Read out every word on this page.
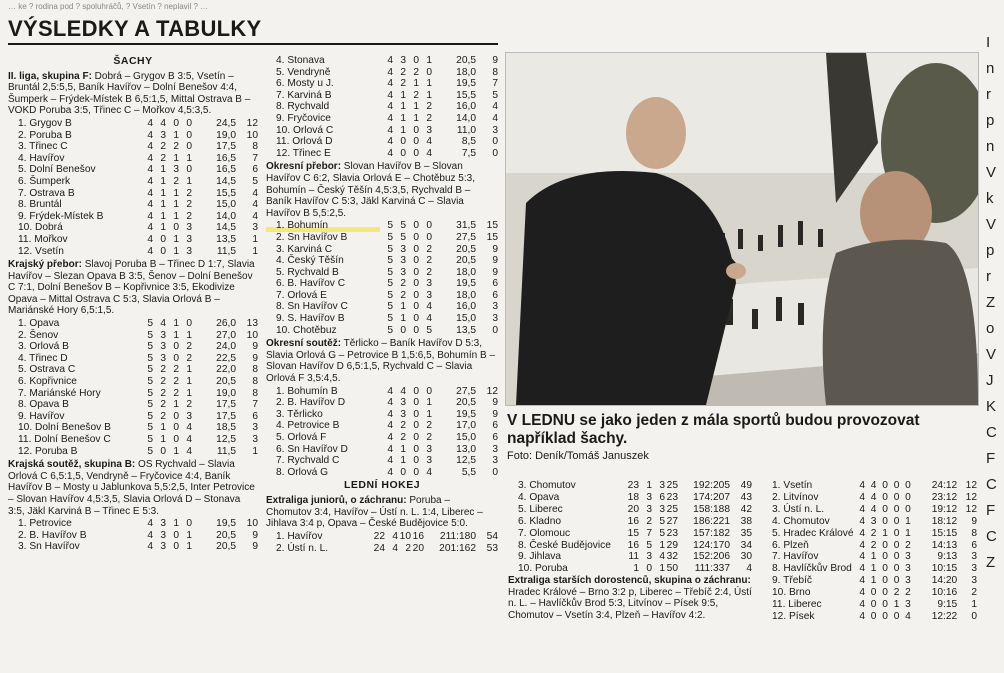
… ke ? rodina pod ? spoluhráčů, ? Vsetín ? neplavil ? …
VÝSLEDKY A TABULKY
ŠACHY

II. liga, skupina F: Dobrá – Grygov B 3:5, Vsetín – Bruntál 2,5:5,5, Baník Havířov – Dolní Benešov 4:4, Šumperk – Frýdek-Místek B 6,5:1,5, Mittal Ostrava B – VOKD Poruba 3:5, Třinec C – Mořkov 4,5:3,5.

1. Grygov B	4	4	0	0	24,5	12
2. Poruba B	4	3	1	0	19,0	10
3. Třinec C	4	2	2	0	17,5	8
4. Havířov	4	2	1	1	16,5	7
5. Dolní Benešov	4	1	3	0	16,5	6
6. Šumperk	4	1	2	1	14,5	5
7. Ostrava B	4	1	1	2	15,5	4
8. Bruntál	4	1	1	2	15,0	4
9. Frýdek-Místek B	4	1	1	2	14,0	4
10. Dobrá	4	1	0	3	14,5	3
11. Mořkov	4	0	1	3	13,5	1
12. Vsetín	4	0	1	3	11,5	1

Krajský přebor: Slavoj Poruba B – Třinec D 1:7, Slavia Havířov – Slezan Opava B 3:5, Šenov – Dolní Benešov C 7:1, Dolní Benešov B – Kopřivnice 3:5, Ekodivize Opava – Mittal Ostrava C 5:3, Slavia Orlová B – Mariánské Hory 6,5:1,5.

1. Opava	5	4	1	0	26,0	13
2. Šenov	5	3	1	1	27,0	10
3. Orlová B	5	3	0	2	24,0	9
4. Třinec D	5	3	0	2	22,5	9
5. Ostrava C	5	2	2	1	22,0	8
6. Kopřivnice	5	2	2	1	20,5	8
7. Mariánské Hory	5	2	2	1	19,0	8
8. Opava B	5	2	1	2	17,5	7
9. Havířov	5	2	0	3	17,5	6
10. Dolní Benešov B	5	1	0	4	18,5	3
11. Dolní Benešov C	5	1	0	4	12,5	3
12. Poruba B	5	0	1	4	11,5	1

Krajská soutěž, skupina B: OS Rychvald – Slavia Orlová C 6,5:1,5, Vendryně – Fryčovice 4:4, Baník Havířov B – Mosty u Jablunkova 5,5:2,5, Inter Petrovice – Slovan Havířov 4,5:3,5, Slavia Orlová D – Stonava 3:5, Jäkl Karviná B – Třinec E 5:3.

1. Petrovice	4	3	1	0	19,5	10
2. B. Havířov B	4	3	0	1	20,5	9
3. Sn Havířov	4	3	0	1	20,5	9
4. Stonava	4	3	0	1	20,5	9
5. Vendryně	4	2	2	0	18,0	8
6. Mosty u J.	4	2	1	1	19,5	7
7. Karviná B	4	1	2	1	15,5	5
8. Rychvald	4	1	1	2	16,0	4
9. Fryčovice	4	1	1	2	14,0	4
10. Orlová C	4	1	0	3	11,0	3
11. Orlová D	4	0	0	4	8,5	0
12. Třinec E	4	0	0	4	7,5	0

Okresní přebor: Slovan Havířov B – Slovan Havířov C 6:2, Slavia Orlová E – Chotěbuz 5:3, Bohumín – Český Těšín 4,5:3,5, Rychvald B – Baník Havířov C 5:3, Jäkl Karviná C – Slavia Havířov B 5,5:2,5.

1. Bohumín	5	5	0	0	31,5	15
2. Sn Havířov B	5	5	0	0	27,5	15
3. Karviná C	5	3	0	2	20,5	9
4. Český Těšín	5	3	0	2	20,5	9
5. Rychvald B	5	3	0	2	18,0	9
6. B. Havířov C	5	2	0	3	19,5	6
7. Orlová E	5	2	0	3	18,0	6
8. Sn Havířov C	5	1	0	4	16,0	3
9. S. Havířov B	5	1	0	4	15,0	3
10. Chotěbuz	5	0	0	5	13,5	0

Okresní soutěž: Těrlicko – Baník Havířov D 5:3, Slavia Orlová G – Petrovice B 1,5:6,5, Bohumín B – Slovan Havířov D 6,5:1,5, Rychvald C – Slavia Orlová F 3,5:4,5.

1. Bohumín B	4	4	0	0	27,5	12
2. B. Havířov D	4	3	0	1	20,5	9
3. Těrlicko	4	3	0	1	19,5	9
4. Petrovice B	4	2	0	2	17,0	6
5. Orlová F	4	2	0	2	15,0	6
6. Sn Havířov D	4	1	0	3	13,0	3
7. Rychvald C	4	1	0	3	12,5	3
8. Orlová G	4	0	0	4	5,5	0
LEDNÍ HOKEJ

Extraliga juniorů, o záchranu: Poruba – Chomutov 3:4, Havířov – Ústí n. L. 1:4, Liberec – Jihlava 3:4 p, Opava – České Budějovice 5:0.

1. Havířov	22	4	10	16	211:180	54
2. Ústí n. L.	24	4	2	20	201:162	53
V LEDNU se jako jeden z mála sportů budou provozovat například šachy.
Foto: Deník/Tomáš Januszek
3. Chomutov	23	1	3	25	192:205	49
4. Opava	18	3	6	23	174:207	43
5. Liberec	20	3	3	25	158:188	42
6. Kladno	16	2	5	27	186:221	38
7. Olomouc	15	7	5	23	157:182	35
8. České Budějovice	16	5	1	29	124:170	34
9. Jihlava	11	3	4	32	152:206	30
10. Poruba	1	0	1	50	111:337	4

Extraliga starších dorostenců, skupina o záchranu: Hradec Králové – Brno 3:2 p, Liberec – Třebíč 2:4, Ústí n. L. – Havlíčkův Brod 5:3, Litvínov – Písek 9:5, Chomutov – Vsetín 3:4, Plzeň – Havířov 4:2.

1. Vsetín	4	4	0	0	0	24:12	12
2. Litvínov	4	4	0	0	0	23:12	12
3. Ústí n. L.	4	4	0	0	0	19:12	12
4. Chomutov	4	3	0	0	1	18:12	9
5. Hradec Králové	4	2	1	0	1	15:15	8
6. Plzeň	4	2	0	0	2	14:13	6
7. Havířov	4	1	0	0	3	9:13	3
8. Havlíčkův Brod	4	1	0	0	3	10:15	3
9. Třebíč	4	1	0	0	3	14:20	3
10. Brno	4	0	0	2	2	10:16	2
11. Liberec	4	0	0	1	3	9:15	1
12. Písek	4	0	0	0	4	12:22	0
I
n
r
p
n
V
k
V
p
r
Z
o
V
J
K
C
F
C
F
C
Z
